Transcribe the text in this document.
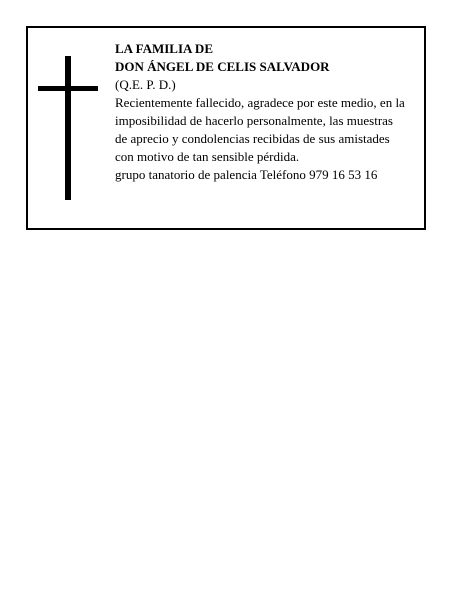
LA FAMILIA DE
DON ÁNGEL DE CELIS SALVADOR
(Q.E. P. D.)
Recientemente fallecido, agradece por este medio, en la
imposibilidad de hacerlo personalmente, las muestras
de aprecio y condolencias recibidas de sus amistades
con motivo de tan sensible pérdida.
grupo tanatorio de palencia Teléfono 979 16 53 16
